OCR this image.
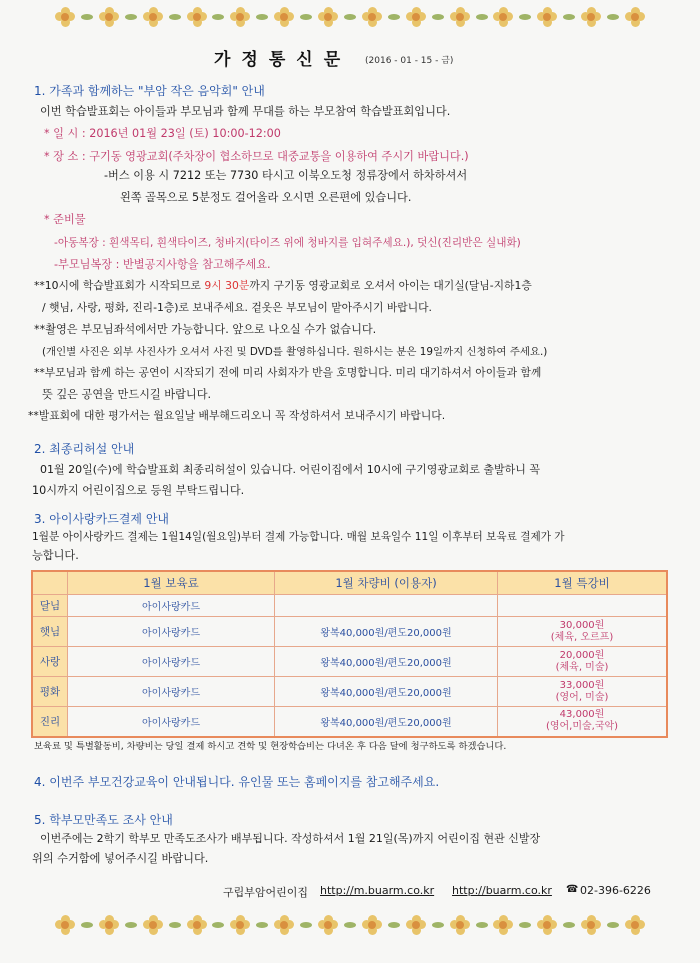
가정통신문 (2016 - 01 - 15 - 금)
1. 가족과 함께하는 "부암 작은 음악회" 안내
이번 학습발표회는 아이들과 부모님과 함께 무대를 하는 부모참여 학습발표회입니다.
* 일 시 : 2016년 01월 23일 (토) 10:00-12:00
* 장 소 : 구기동 영광교회(주차장이 협소하므로 대중교통을 이용하여 주시기 바랍니다.)
-버스 이용 시 7212 또는 7730 타시고 이북오도청 정류장에서 하차하셔서
왼쪽 골목으로 5분정도 걸어올라 오시면 오른편에 있습니다.
* 준비물
-아동복장 : 흰색목티, 흰색타이즈, 청바지(타이즈 위에 청바지를 입혀주세요.), 덧신(진리반은 실내화)
-부모님복장 : 반별공지사항을 참고해주세요.
**10시에 학습발표회가 시작되므로 9시 30분까지 구기동 영광교회로 오셔서 아이는 대기실(달님-지하1층
/ 햇님, 사랑, 평화, 진리-1층)로 보내주세요. 겉옷은 부모님이 맡아주시기 바랍니다.
**촬영은 부모님좌석에서만 가능합니다. 앞으로 나오실 수가 없습니다.
(개인별 사진은 외부 사진사가 오셔서 사진 및 DVD를 촬영하십니다. 원하시는 분은 19일까지 신청하여 주세요.)
**부모님과 함께 하는 공연이 시작되기 전에 미리 사회자가 반을 호명합니다. 미리 대기하셔서 아이들과 함께
뜻 깊은 공연을 만드시길 바랍니다.
**발표회에 대한 평가서는 월요일날 배부해드리오니 꼭 작성하셔서 보내주시기 바랍니다.
2. 최종리허설 안내
01월 20일(수)에 학습발표회 최종리허설이 있습니다. 어린이집에서 10시에 구기영광교회로 출발하니 꼭
10시까지 어린이집으로 등원 부탁드립니다.
3. 아이사랑카드결제 안내
1월분 아이사랑카드 결제는 1월14일(월요일)부터 결제 가능합니다. 매월 보육일수 11일 이후부터 보육료 결제가 가
능합니다.
	1월 보육료	1월 차량비 (이용자)	1월 특강비
달님	아이사랑카드		

햇님	아이사랑카드	왕복40,000원/편도20,000원	30,000원
(체육, 오르프)

사랑	아이사랑카드	왕복40,000원/편도20,000원	20,000원
(체육, 미술)

평화	아이사랑카드	왕복40,000원/편도20,000원	33,000원
(영어, 미술)

진리	아이사랑카드	왕복40,000원/편도20,000원	43,000원
(영어,미술,국악)
보육료 및 특별활동비, 차량비는 당일 결제 하시고 견학 및 현장학습비는 다녀온 후 다음 달에 청구하도록 하겠습니다.
4. 이번주 부모건강교육이 안내됩니다. 유인물 또는 홈페이지를 참고해주세요.
5. 학부모만족도 조사 안내
이번주에는 2학기 학부모 만족도조사가 배부됩니다. 작성하셔서 1월 21일(목)까지 어린이집 현관 신발장
위의 수거함에 넣어주시길 바랍니다.
구립부암어린이집 http://m.buarm.co.kr http://buarm.co.kr ☎ 02-396-6226
